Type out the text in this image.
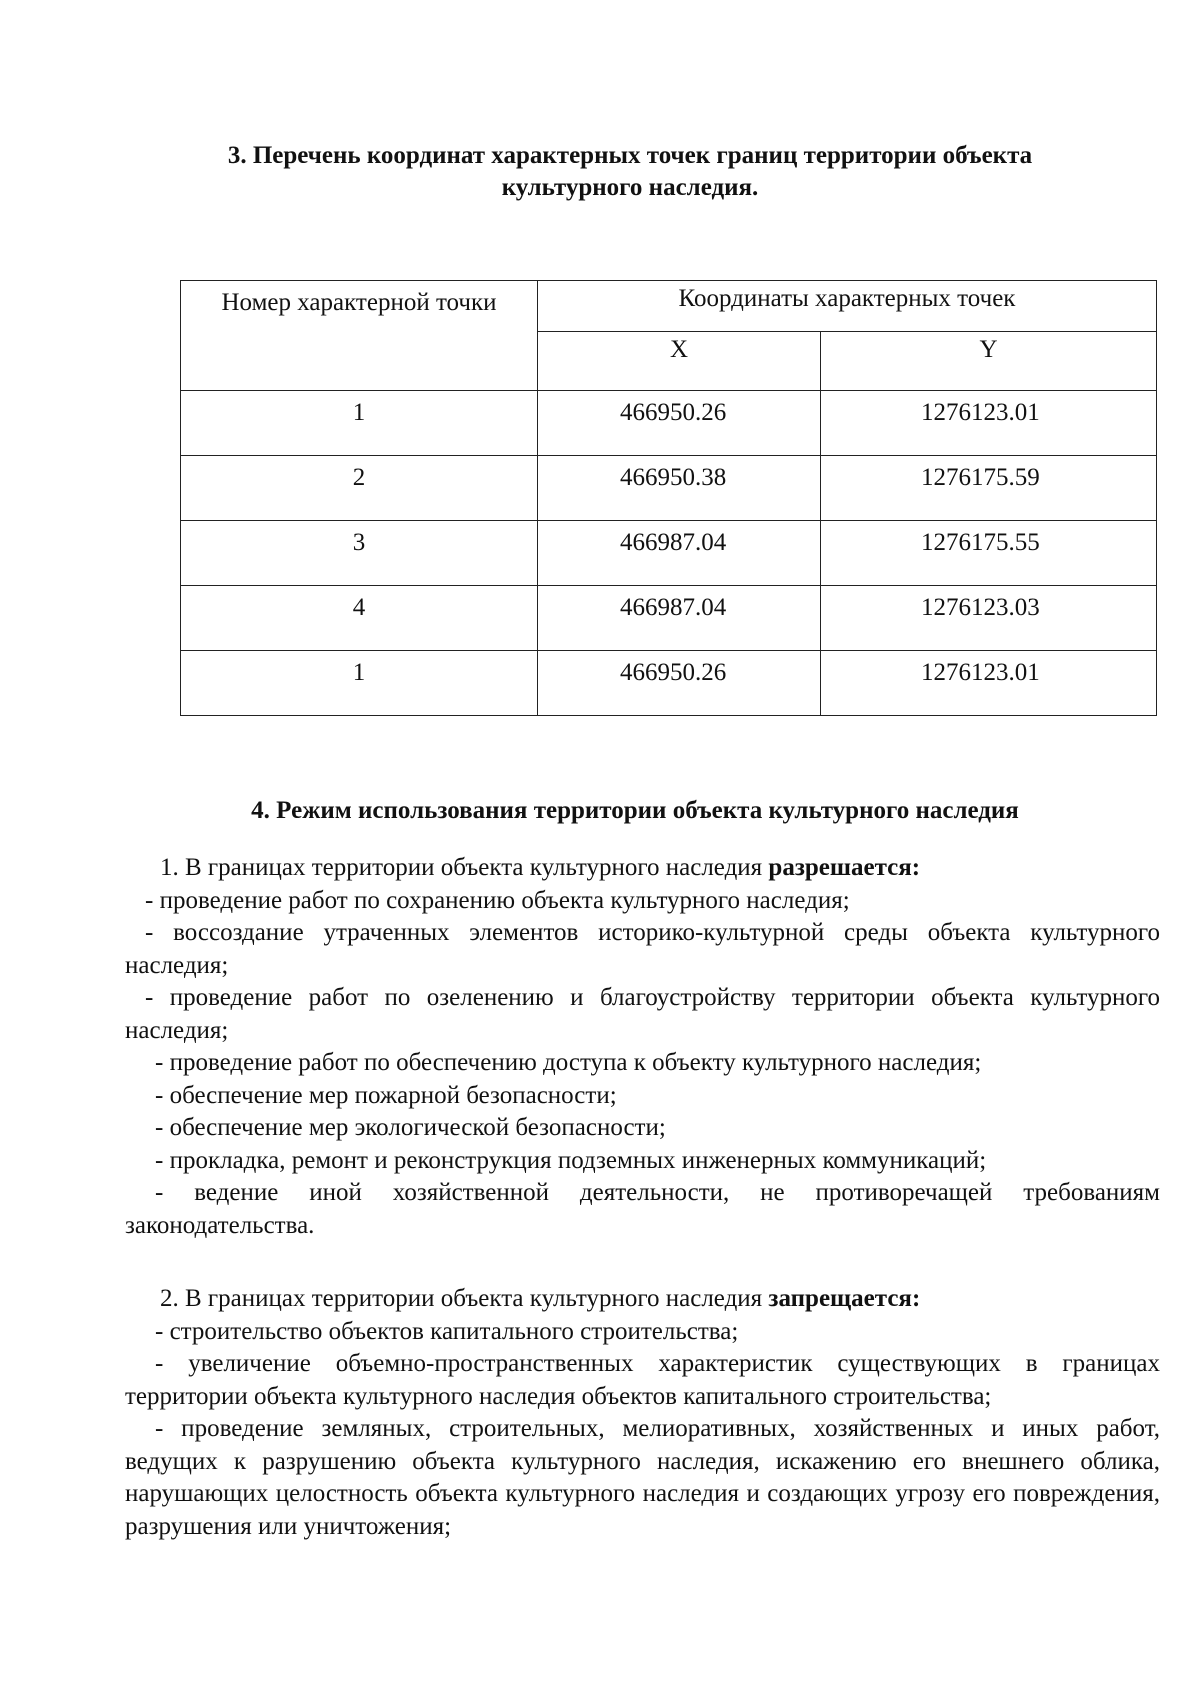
3. Перечень координат характерных точек границ территории объекта
культурного наследия.
Номер характерной точки	Координаты характерных точек	
	X	Y
1	466950.26	1276123.01
2	466950.38	1276175.59
3	466987.04	1276175.55
4	466987.04	1276123.03
1	466950.26	1276123.01
4. Режим использования территории объекта культурного наследия

1. В границах территории объекта культурного наследия разрешается:

- проведение работ по сохранению объекта культурного наследия;

- воссоздание утраченных элементов историко-культурной среды объекта культурного наследия;

- проведение работ по озеленению и благоустройству территории объекта культурного наследия;

- проведение работ по обеспечению доступа к объекту культурного наследия;

- обеспечение мер пожарной безопасности;

- обеспечение мер экологической безопасности;

- прокладка, ремонт и реконструкция подземных инженерных коммуникаций;

- ведение иной хозяйственной деятельности, не противоречащей требованиям законодательства.

2. В границах территории объекта культурного наследия запрещается:

- строительство объектов капитального строительства;

- увеличение объемно-пространственных характеристик существующих в границах территории объекта культурного наследия объектов капитального строительства;

- проведение земляных, строительных, мелиоративных, хозяйственных и иных работ, ведущих к разрушению объекта культурного наследия, искажению его внешнего облика, нарушающих целостность объекта культурного наследия и создающих угрозу его повреждения, разрушения или уничтожения;
